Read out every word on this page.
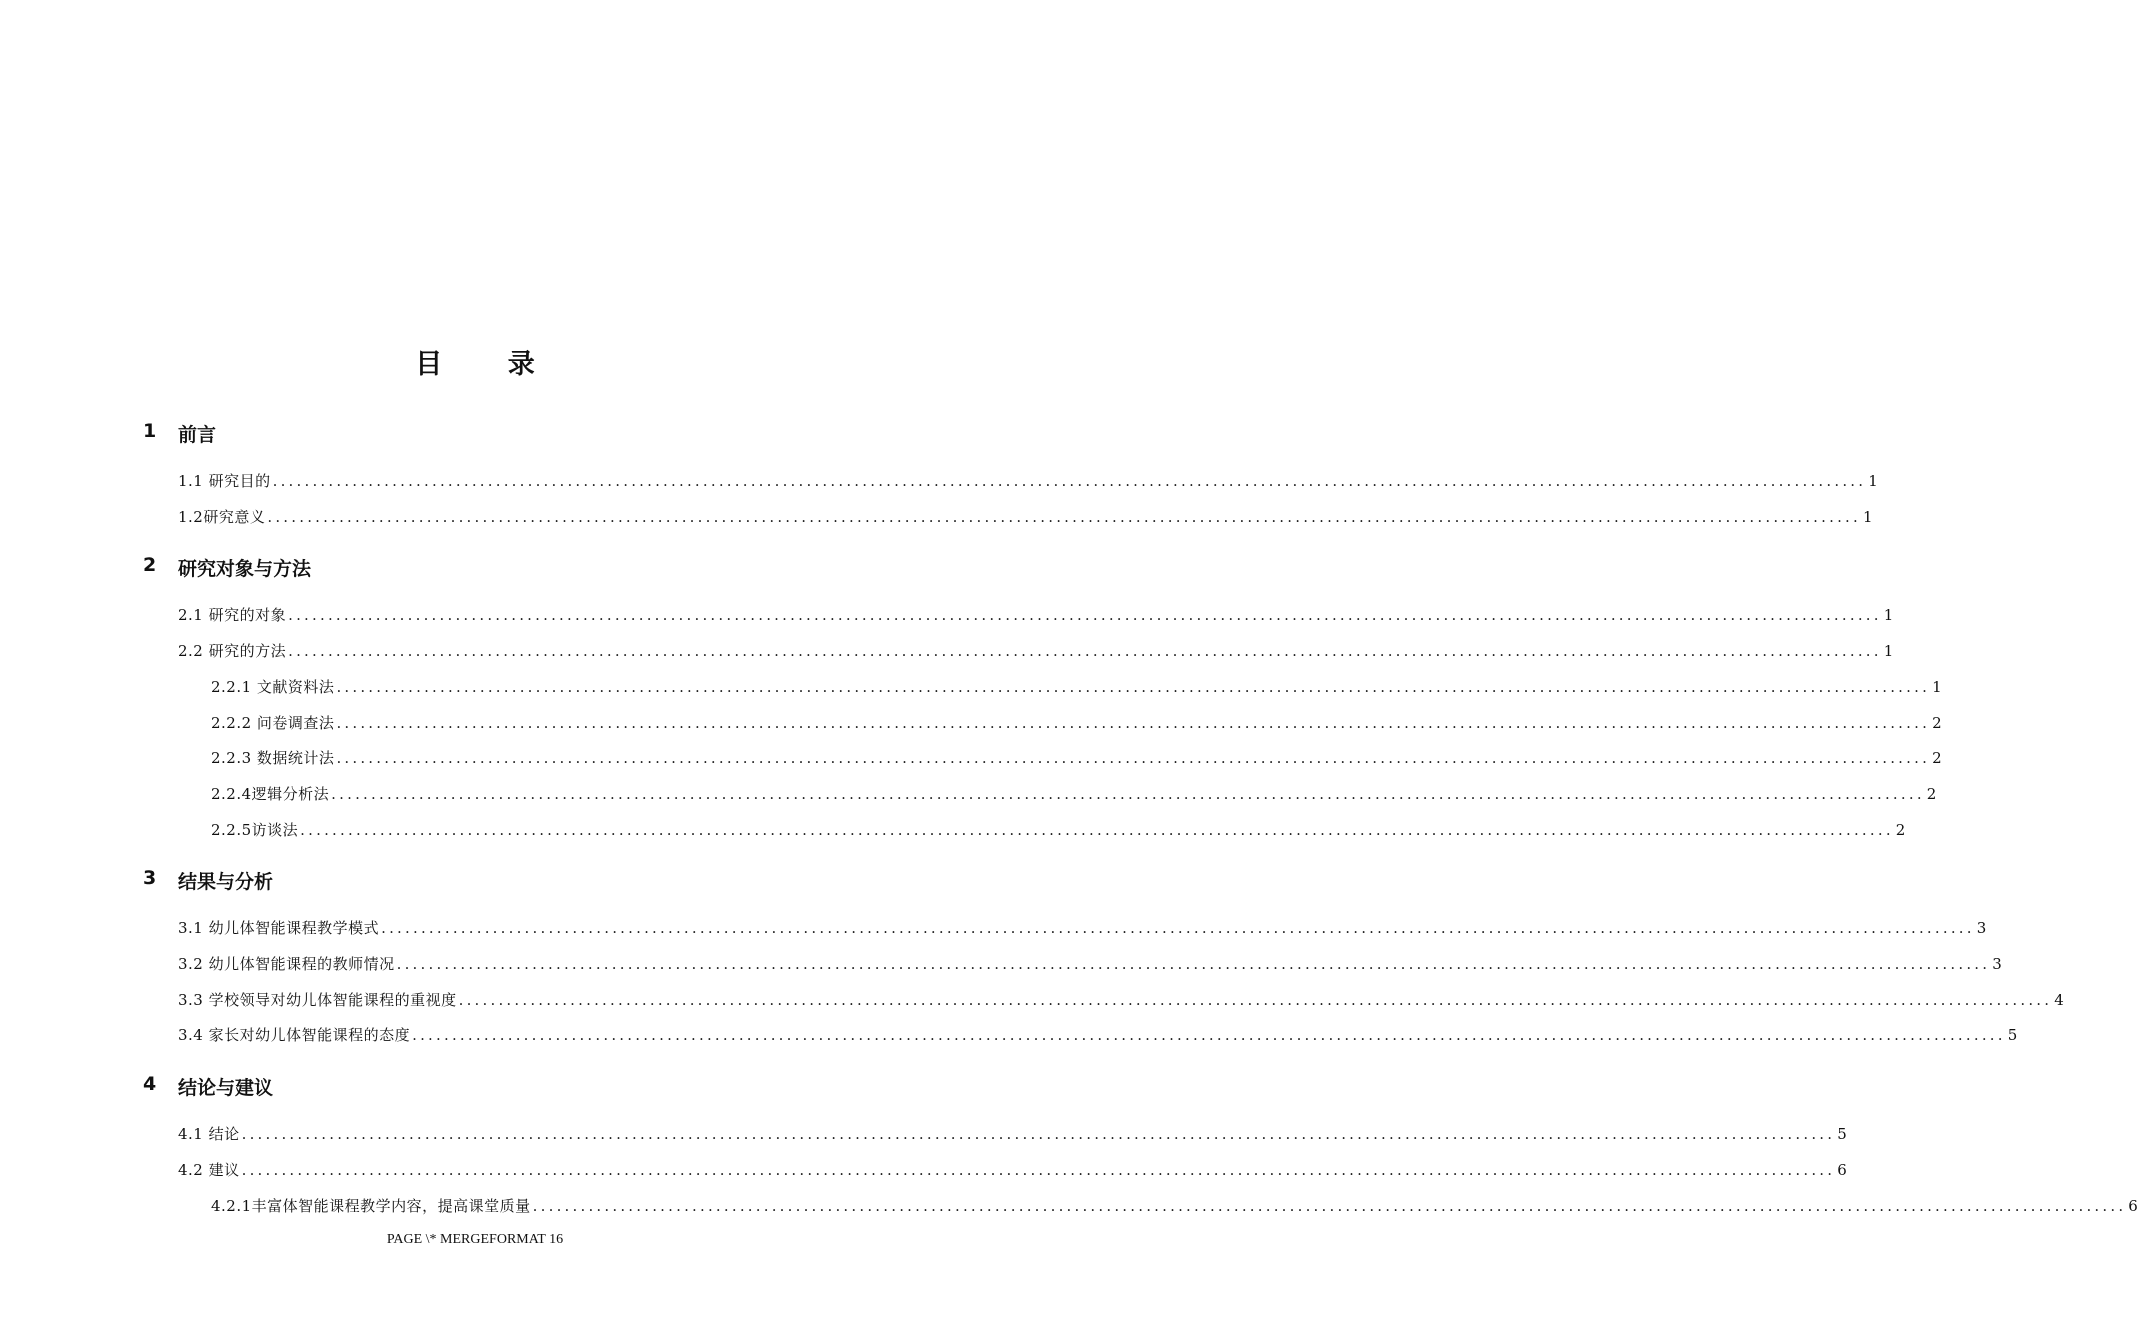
目 录
1	前言
1.1 研究目的 ........................................................................................................................................................................................................ 1
1.2研究意义 ........................................................................................................................................................................................................ 1
2	研究对象与方法
2.1 研究的对象 ........................................................................................................................................................................................................ 1
2.2 研究的方法 ........................................................................................................................................................................................................ 1
2.2.1 文献资料法 ........................................................................................................................................................................................................ 1
2.2.2 问卷调查法 ........................................................................................................................................................................................................ 2
2.2.3 数据统计法 ........................................................................................................................................................................................................ 2
2.2.4逻辑分析法 ........................................................................................................................................................................................................ 2
2.2.5访谈法 ........................................................................................................................................................................................................ 2
3	结果与分析
3.1 幼儿体智能课程教学模式 ........................................................................................................................................................................................................ 3
3.2 幼儿体智能课程的教师情况 ........................................................................................................................................................................................................ 3
3.3 学校领导对幼儿体智能课程的重视度 ........................................................................................................................................................................................................ 4
3.4 家长对幼儿体智能课程的态度 ........................................................................................................................................................................................................ 5
4	结论与建议
4.1 结论 ........................................................................................................................................................................................................ 5
4.2 建议 ........................................................................................................................................................................................................ 6
4.2.1丰富体智能课程教学内容，提高课堂质量 ........................................................................................................................................................................................................ 6
PAGE \* MERGEFORMAT 16
